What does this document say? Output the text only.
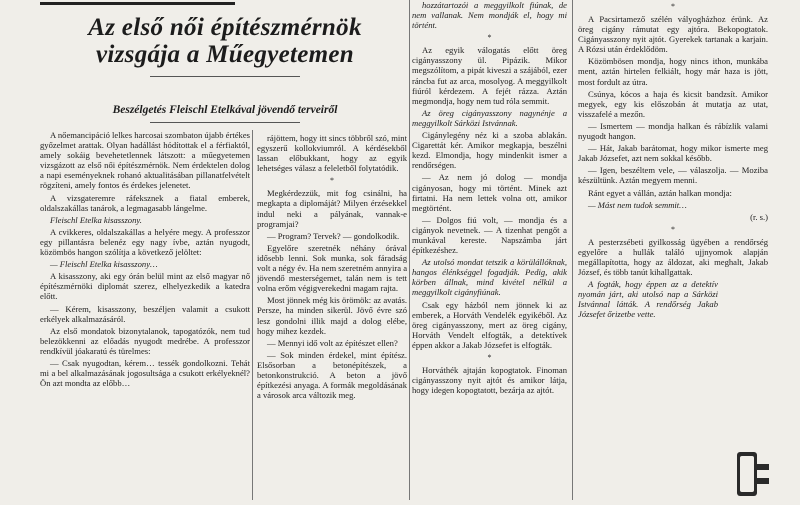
Az első női építészmérnök
vizsgája a Műegyetemen
Beszélgetés Fleischl Etelkával jövendő terveiről

A nőemancipáció lelkes harcosai szombaton újabb értékes győzelmet arattak. Olyan hadállást hódítottak el a férfiaktól, amely sokáig bevehetetlennek látszott: a műegyetemen vizsgázott az első női építészmérnök. Nem érdektelen dolog a napi eseményeknek rohanó aktualitásában pillanatfelvételt rögzíteni, amely fontos és érdekes jelenetet.

A vizsgateremre ráfeksznek a fiatal emberek, oldalszakállas tanárok, a legmagasabb lángelme.

Fleischl Etelka kisasszony.

A cvikkeres, oldalszakállas a helyére megy. A professzor egy pillantásra belenéz egy nagy ívbe, aztán nyugodt, közömbös hangon szólítja a következő jelöltet:

— Fleischl Etelka kisasszony…

A kisasszony, aki egy órán belül mint az első magyar nő építészmérnöki diplomát szerez, elhelyezkedik a katedra előtt.

— Kérem, kisasszony, beszéljen valamit a csukott erkélyek alkalmazásáról.

Az első mondatok bizonytalanok, tapogatózók, nem tud belezökkenni az előadás nyugodt medrébe. A professzor rendkívül jóakaratú és türelmes:

— Csak nyugodtan, kérem… tessék gondolkozni. Tehát mi a bel alkalmazásának jogosultsága a csukott erkélyeknél? Ön azt mondta az előbb…

rájöttem, hogy itt sincs többről szó, mint egyszerű kollokviumról. A kérdésekből lassan előbukkant, hogy az egyik lehetséges válasz a feleletből folytatódik.

*

Megkérdezzük, mit fog csinálni, ha megkapta a diplomáját? Milyen érzésekkel indul neki a pályának, vannak-e programjai?

— Program? Tervek? — gondolkodik.

Egyelőre szeretnék néhány órával idősebb lenni. Sok munka, sok fáradság volt a négy év. Ha nem szeretném annyira a jövendő mesterségemet, talán nem is tett volna erőm végigverekedni magam rajta.

Most jönnek még kis örömök: az avatás. Persze, ha minden sikerül. Jövő évre szó lesz gondolni illik majd a dolog elébe, hogy mihez kezdek.

— Mennyi idő volt az építészet ellen?

— Sok minden érdekel, mint építész. Elsősorban a betonépítészek, a betonkonstrukció. A beton a jövő építkezési anyaga. A formák megoldásának a városok arca változik meg.

hozzátartozói a meggyilkolt fiúnak, de nem vallanak. Nem mondják el, hogy mi történt.

*

Az egyik válogatás előtt öreg cigányasszony ül. Pipázik. Mikor megszólítom, a pipát kiveszi a szájából, ezer ráncba fut az arca, mosolyog. A meggyilkolt fiúról kérdezem. A fejét rázza. Aztán megmondja, hogy nem tud róla semmit.

Az öreg cigányasszony nagynénje a meggyilkolt Sárközi Istvánnak.

Cigánylegény néz ki a szoba ablakán. Cigarettát kér. Amikor megkapja, beszélni kezd. Elmondja, hogy mindenkit ismer a rendőrségen.

— Az nem jó dolog — mondja cigányosan, hogy mi történt. Minek azt firtatni. Ha nem lettek volna ott, amikor megtörtént.

— Dolgos fiú volt, — mondja és a cigányok nevetnek. — A tizenhat pengőt a munkával kereste. Napszámba járt építkezéshez.

Az utolsó mondat tetszik a körülállóknak, hangos élénkséggel fogadják. Pedig, akik körben állnak, mind kivétel nélkül a meggyilkolt cigányfiúnak.

Csak egy házból nem jönnek ki az emberek, a Horváth Vendelék egyikéből. Az öreg cigányasszony, mert az öreg cigány, Horváth Vendelt elfogták, a detektívek éppen akkor a Jakab Józsefet is elfogták.

*

Horváthék ajtaján kopogtatok. Finoman cigányasszony nyit ajtót és amikor látja, hogy idegen kopogtatott, bezárja az ajtót.

*

A Pacsirtamező szélén vályogházhoz érünk. Az öreg cigány rámutat egy ajtóra. Bekopogtatok. Cigányasszony nyit ajtót. Gyerekek tartanak a karjain. A Rózsi után érdeklődöm.

Közömbösen mondja, hogy nincs ithon, munkába ment, aztán hirtelen felkiált, hogy már haza is jött, most fordult az útra.

Csúnya, kócos a haja és kicsit bandzsít. Amikor megyek, egy kis előszobán át mutatja az utat, visszafelé a mezőn.

— Ismertem — mondja halkan és rábízlik valami nyugodt hangon.

— Hát, Jakab barátomat, hogy mikor ismerte meg Jakab Józsefet, azt nem sokkal később.

— Igen, beszéltem vele, — válaszolja. — Moziba készültünk. Aztán megyem menni.

Ránt egyet a vállán, aztán halkan mondja:

— Mást nem tudok semmit…

(r. s.)

*

A pesterzsébeti gyilkosság ügyében a rendőrség egyelőre a hullák találó ujjnyomok alapján megállapította, hogy az áldozat, aki meghalt, Jakab József, és több tanút kihallgattak.

A fogták, hogy éppen az a detektív nyomán járt, aki utolsó nap a Sárközi Istvánnal látták. A rendőrség Jakab Józsefet őrizetbe vette.
